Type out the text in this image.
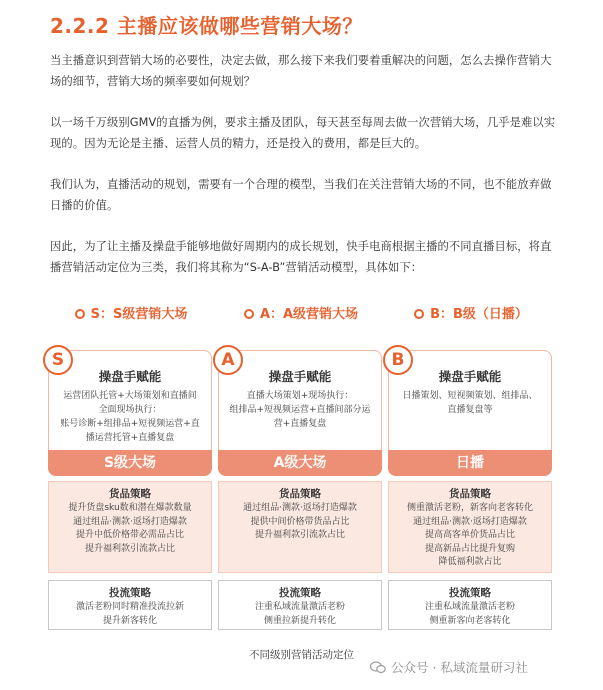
2.2.2 主播应该做哪些营销大场？
当主播意识到营销大场的必要性，决定去做，那么接下来我们要着重解决的问题，怎么去操作营销大场的细节，营销大场的频率要如何规划？
以一场千万级别GMV的直播为例，要求主播及团队，每天甚至每周去做一次营销大场，几乎是难以实现的。因为无论是主播、运营人员的精力，还是投入的费用，都是巨大的。
我们认为，直播活动的规划，需要有一个合理的模型，当我们在关注营销大场的不同，也不能放弃做日播的价值。
因此，为了让主播及操盘手能够地做好周期内的成长规划，快手电商根据主播的不同直播目标，将直播营销活动定位为三类，我们将其称为“S-A-B”营销活动模型，具体如下：
S：S级营销大场
S
操盘手赋能
运营团队托管+大场策划和直播间
全面现场执行：
账号诊断+组排品+短视频运营+直
播运营托管+直播复盘
S级大场
货品策略
提升货盘sku数和潜在爆款数量
通过组品·测款·返场打造爆款
提升中低价格带必需品占比
提升福利款引流款占比
投流策略
激活老粉同时精准投流拉新
提升新客转化
A：A级营销大场
A
操盘手赋能
直播大场策划+现场执行：
组排品+短视频运营+直播间部分运
营+直播复盘
A级大场
货品策略
通过组品·测款·返场打造爆款
提供中间价格带货品占比
提升福利款引流款占比
投流策略
注重私域流量激活老粉
侧重拉新提升转化
B：B级（日播）
B
操盘手赋能
日播策划、短视频策划、组排品、
直播复盘等
日播
货品策略
侧重激活老粉，新客向老客转化
通过组品·测款·返场打造爆款
提高高客单价货品占比
提高新品占比提升复购
降低福利款占比
投流策略
注重私域流量激活老粉
侧重新客向老客转化
不同级别营销活动定位
公众号 · 私域流量研习社
